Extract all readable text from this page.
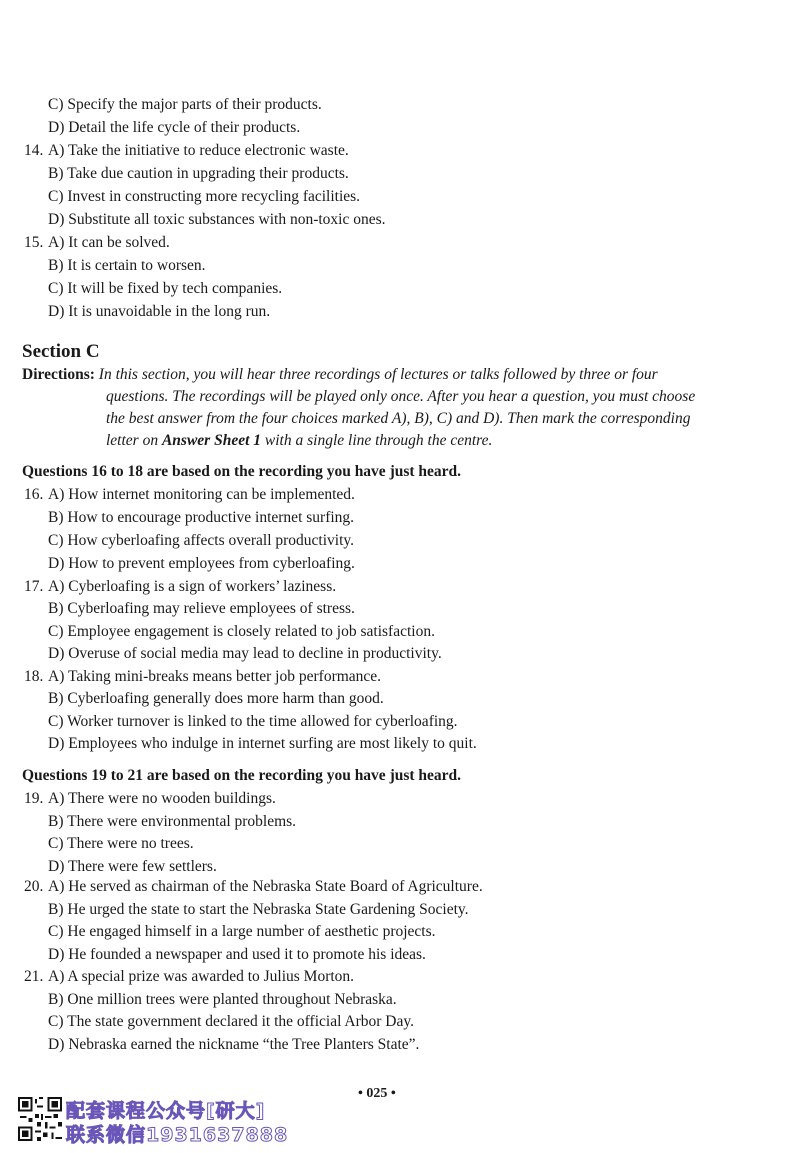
C) Specify the major parts of their products.
D) Detail the life cycle of their products.
14. A) Take the initiative to reduce electronic waste.
B) Take due caution in upgrading their products.
C) Invest in constructing more recycling facilities.
D) Substitute all toxic substances with non-toxic ones.
15. A) It can be solved.
B) It is certain to worsen.
C) It will be fixed by tech companies.
D) It is unavoidable in the long run.
Section C
Directions: In this section, you will hear three recordings of lectures or talks followed by three or four
questions. The recordings will be played only once. After you hear a question, you must choose
the best answer from the four choices marked A), B), C) and D). Then mark the corresponding
letter on Answer Sheet 1 with a single line through the centre.
Questions 16 to 18 are based on the recording you have just heard.
16. A) How internet monitoring can be implemented.
B) How to encourage productive internet surfing.
C) How cyberloafing affects overall productivity.
D) How to prevent employees from cyberloafing.
17. A) Cyberloafing is a sign of workers’ laziness.
B) Cyberloafing may relieve employees of stress.
C) Employee engagement is closely related to job satisfaction.
D) Overuse of social media may lead to decline in productivity.
18. A) Taking mini-breaks means better job performance.
B) Cyberloafing generally does more harm than good.
C) Worker turnover is linked to the time allowed for cyberloafing.
D) Employees who indulge in internet surfing are most likely to quit.
Questions 19 to 21 are based on the recording you have just heard.
19. A) There were no wooden buildings.
B) There were environmental problems.
C) There were no trees.
D) There were few settlers.
20. A) He served as chairman of the Nebraska State Board of Agriculture.
B) He urged the state to start the Nebraska State Gardening Society.
C) He engaged himself in a large number of aesthetic projects.
D) He founded a newspaper and used it to promote his ideas.
21. A) A special prize was awarded to Julius Morton.
B) One million trees were planted throughout Nebraska.
C) The state government declared it the official Arbor Day.
D) Nebraska earned the nickname “the Tree Planters State”.
• 025 •
配套课程公众号[研大]
联系微信1931637888
